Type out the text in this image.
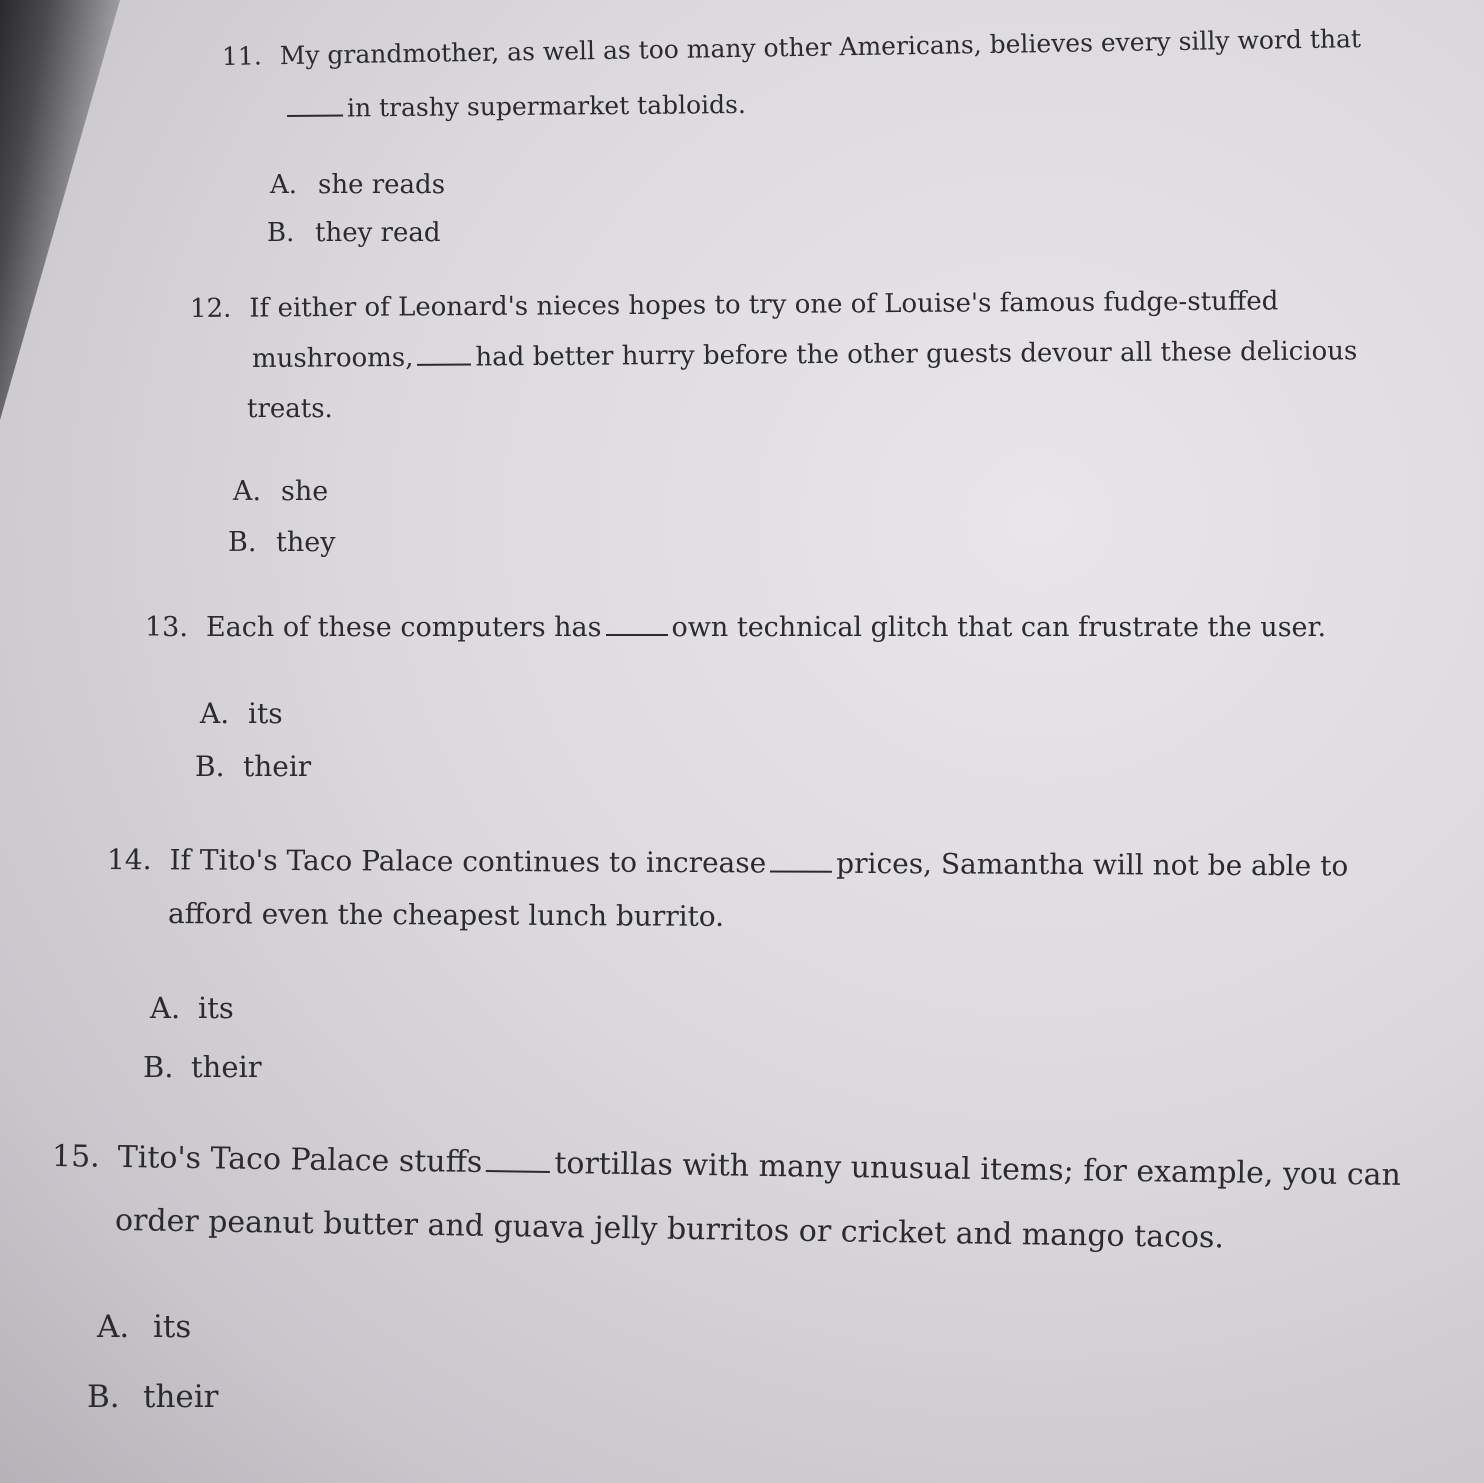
11. My grandmother, as well as too many other Americans, believes every silly word that
in trashy supermarket tabloids.
A. she reads
B. they read
12. If either of Leonard's nieces hopes to try one of Louise's famous fudge-stuffed
mushrooms, had better hurry before the other guests devour all these delicious
treats.
A. she
B. they
13. Each of these computers has	own technical glitch that can frustrate the user.
A. its
B. their
14. If Tito's Taco Palace continues to increase prices, Samantha will not be able to
afford even the cheapest lunch burrito.
A. its
B. their
15. Tito's Taco Palace stuffs tortillas with many unusual items; for example, you can
order peanut butter and guava jelly burritos or cricket and mango tacos.
A. its
B. their
